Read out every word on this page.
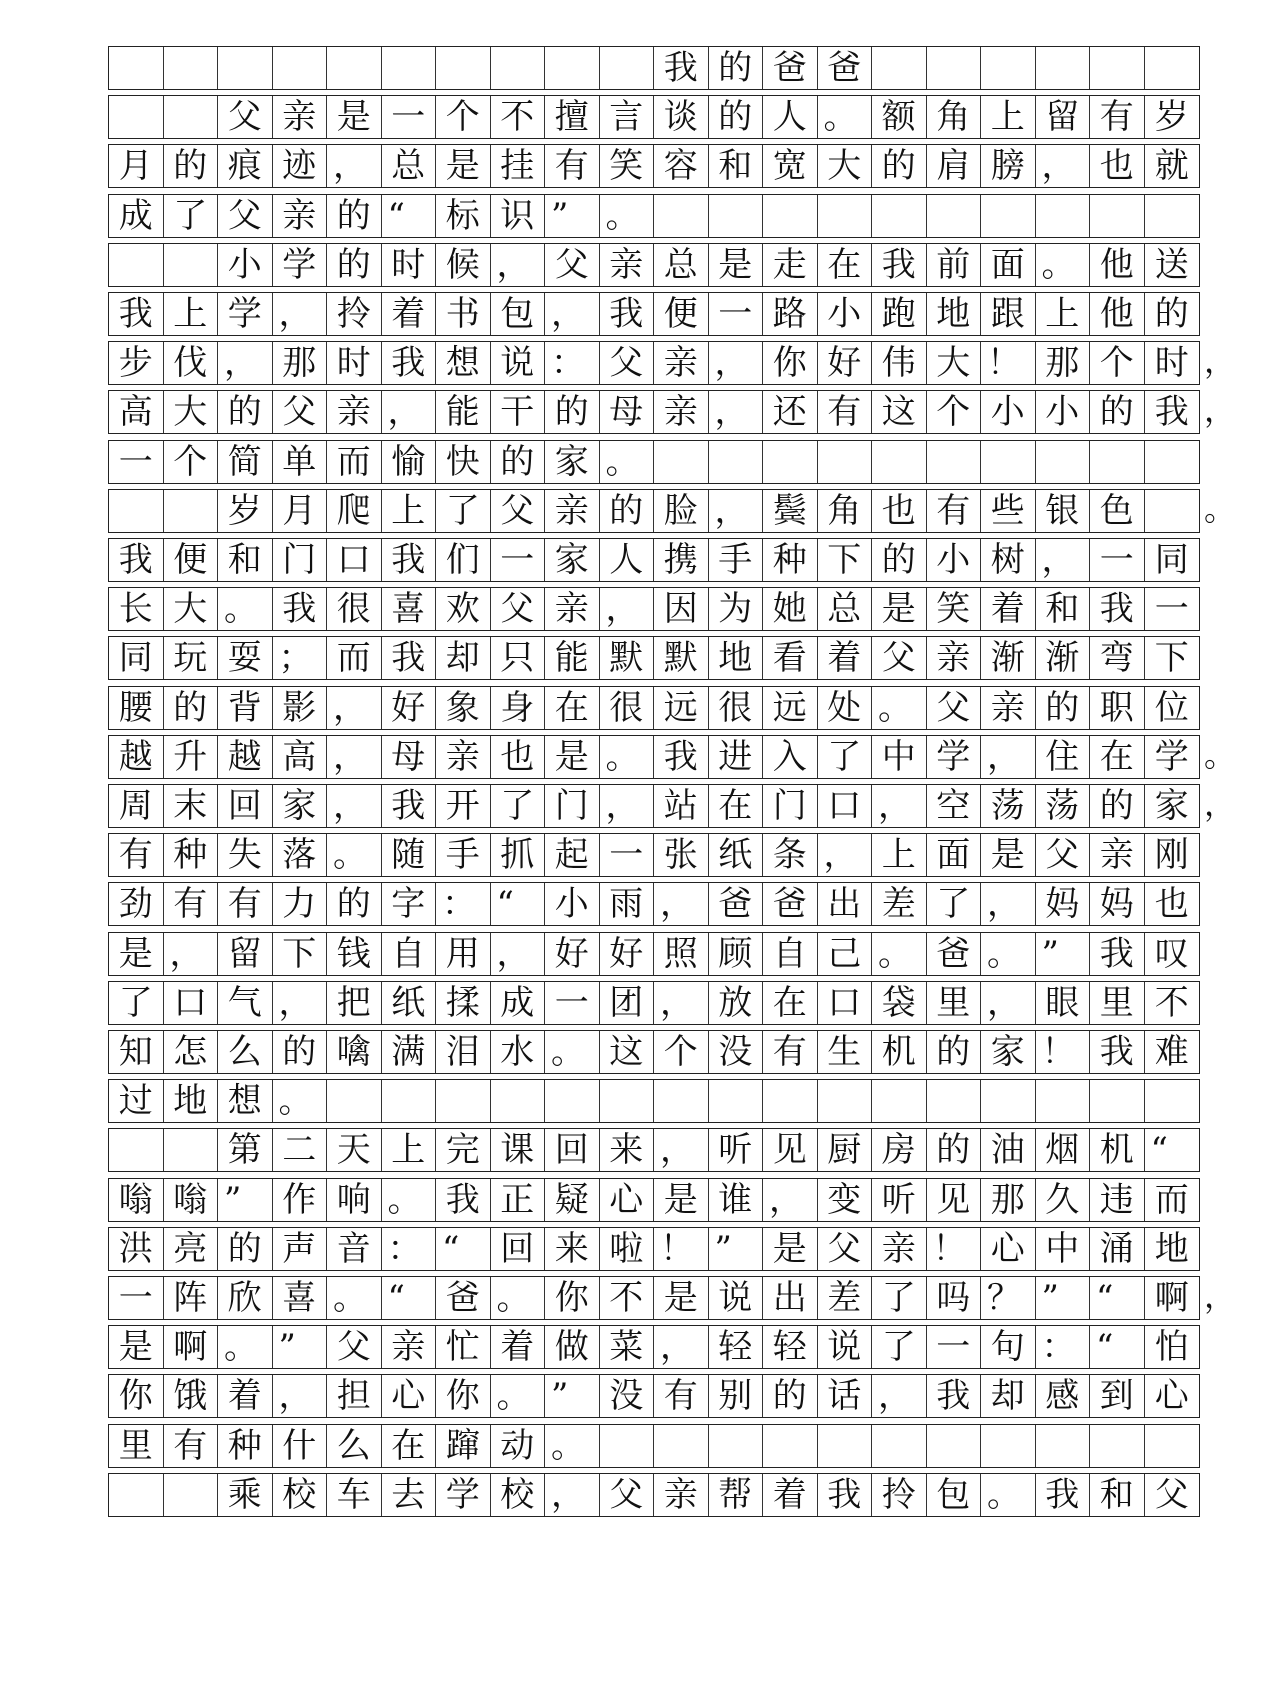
我 的 爸 爸
父 亲 是 一 个 不 擅 言 谈 的 人 。 额 角 上 留 有 岁
月 的 痕 迹 ， 总 是 挂 有 笑 容 和 宽 大 的 肩 膀 ， 也 就
成 了 父 亲 的 “	标 识 ”	。
小 学 的 时 候 ， 父 亲 总 是 走 在 我 前 面 。 他 送
我 上 学 ， 拎 着 书 包 ， 我 便 一 路 小 跑 地 跟 上 他 的
步 伐 ， 那 时 我 想 说 ： 父 亲 ， 你 好 伟 大 ！ 那 个 时
高 大 的 父 亲 ， 能 干 的 母 亲 ， 还 有 这 个 小 小 的 我
一 个 简 单 而 愉 快 的 家 。
岁 月 爬 上 了 父 亲 的 脸 ， 鬓 角 也 有 些 银 色
我 便 和 门 口 我 们 一 家 人 携 手 种 下 的 小 树 ， 一 同
长 大 。 我 很 喜 欢 父 亲 ， 因 为 她 总 是 笑 着 和 我 一
同 玩 耍 ； 而 我 却 只 能 默 默 地 看 着 父 亲 渐 渐 弯 下
腰 的 背 影 ， 好 象 身 在 很 远 很 远 处 。 父 亲 的 职 位
越 升 越 高 ， 母 亲 也 是 。 我 进 入 了 中 学 ， 住 在 学
周 末 回 家 ， 我 开 了 门 ， 站 在 门 口 ， 空 荡 荡 的 家
有 种 失 落 。 随 手 抓 起 一 张 纸 条 ， 上 面 是 父 亲 刚
劲 有 有 力 的 字 ： “	小 雨 ， 爸 爸 出 差 了 ， 妈 妈 也
是 ， 留 下 钱 自 用 ， 好 好 照 顾 自 己 。 爸 。 ”	我 叹
了 口 气 ， 把 纸 揉 成 一 团 ， 放 在 口 袋 里 ， 眼 里 不
知 怎 么 的 噙 满 泪 水 。 这 个 没 有 生 机 的 家 ！ 我 难
过 地 想 。
第 二 天 上 完 课 回 来 ， 听 见 厨 房 的 油 烟 机 “
嗡 嗡 ”	作 响 。 我 正 疑 心 是 谁 ， 变 听 见 那 久 违 而
洪 亮 的 声 音 ： “	回 来 啦 ！ ”	是 父 亲 ！ 心 中 涌 地
一 阵 欣 喜 。 “	爸 。 你 不 是 说 出 差 了 吗 ？ ”	“	啊
是 啊 。 ”	父 亲 忙 着 做 菜 ， 轻 轻 说 了 一 句 ： “	怕
你 饿 着 ， 担 心 你 。 ”	没 有 别 的 话 ， 我 却 感 到 心
里 有 种 什 么 在 蹿 动 。
乘 校 车 去 学 校 ， 父 亲 帮 着 我 拎 包 。 我 和 父
，
，
。
。
，
，
